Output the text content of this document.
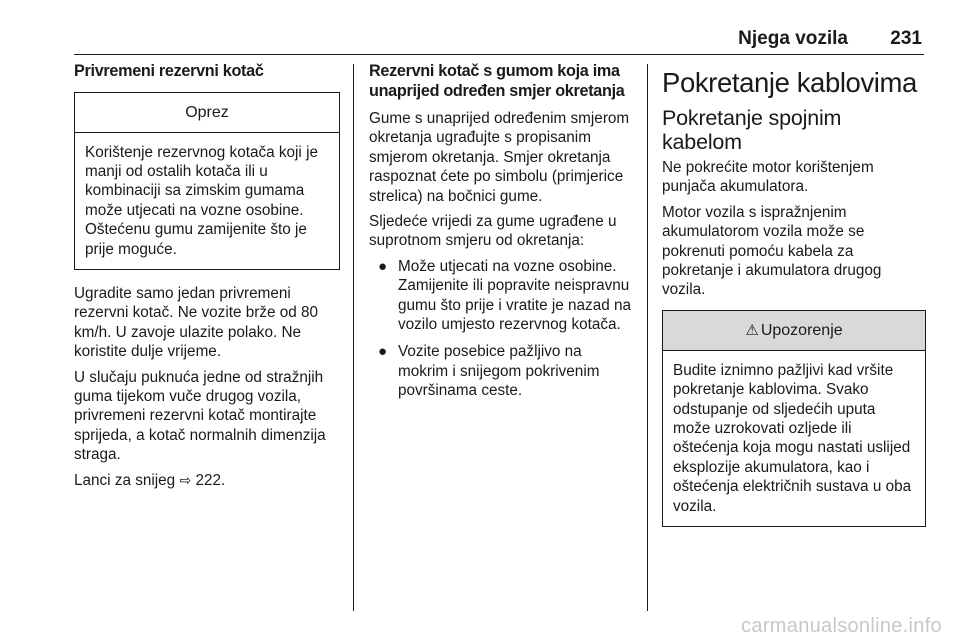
Njega vozila 231
Privremeni rezervni kotač
Oprez
Korištenje rezervnog kotača koji je manji od ostalih kotača ili u kombinaciji sa zimskim gumama može utjecati na vozne osobine. Oštećenu gumu zamijenite što je prije moguće.

Ugradite samo jedan privremeni rezervni kotač. Ne vozite brže od 80 km/h. U zavoje ulazite polako. Ne koristite dulje vrijeme.

U slučaju puknuća jedne od stražnjih guma tijekom vuče drugog vozila, privremeni rezervni kotač montirajte sprijeda, a kotač normalnih dimenzija straga.

Lanci za snijeg ⇨ 222.

Rezervni kotač s gumom koja ima unaprijed određen smjer okretanja

Gume s unaprijed određenim smjerom okretanja ugrađujte s propisanim smjerom okretanja. Smjer okretanja raspoznat ćete po simbolu (primjerice strelica) na bočnici gume.

Sljedeće vrijedi za gume ugrađene u suprotnom smjeru od okretanja:

● Može utjecati na vozne osobine. Zamijenite ili popravite neispravnu gumu što prije i vratite je nazad na vozilo umjesto rezervnog kotača.
● Vozite posebice pažljivo na mokrim i snijegom pokrivenim površinama ceste.
Pokretanje kablovima
Pokretanje spojnim kabelom

Ne pokrećite motor korištenjem punjača akumulatora.

Motor vozila s ispražnjenim akumulatorom vozila može se pokrenuti pomoću kabela za pokretanje i akumulatora drugog vozila.

⚠ Upozorenje
Budite iznimno pažljivi kad vršite pokretanje kablovima. Svako odstupanje od sljedećih uputa može uzrokovati ozljede ili oštećenja koja mogu nastati uslijed eksplozije akumulatora, kao i oštećenja električnih sustava u oba vozila.
carmanualsonline.info
